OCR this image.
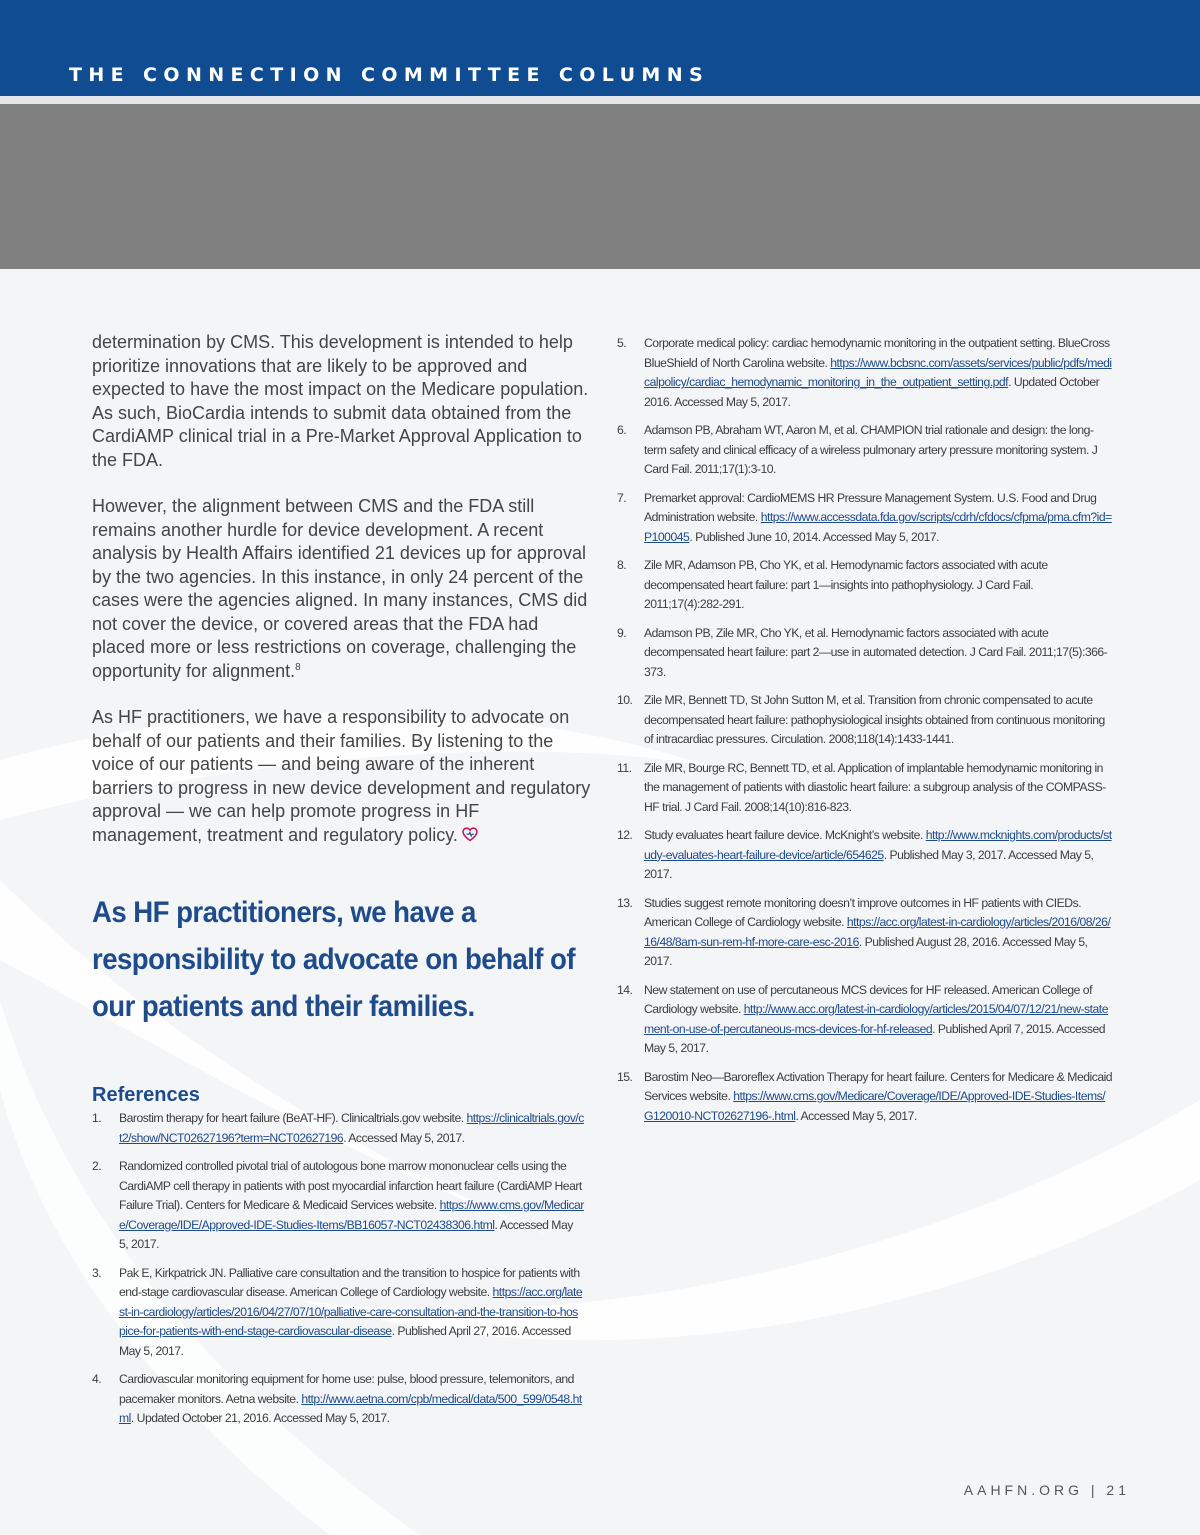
THE CONNECTION COMMITTEE COLUMNS

determination by CMS. This development is intended to help prioritize innovations that are likely to be approved and expected to have the most impact on the Medicare population. As such, BioCardia intends to submit data obtained from the CardiAMP clinical trial in a Pre-Market Approval Application to the FDA.

However, the alignment between CMS and the FDA still remains another hurdle for device development. A recent analysis by Health Affairs identified 21 devices up for approval by the two agencies. In this instance, in only 24 percent of the cases were the agencies aligned. In many instances, CMS did not cover the device, or covered areas that the FDA had placed more or less restrictions on coverage, challenging the opportunity for alignment.$^8$

As HF practitioners, we have a responsibility to advocate on behalf of our patients and their families. By listening to the voice of our patients — and being aware of the inherent barriers to progress in new device development and regulatory approval — we can help promote progress in HF management, treatment and regulatory policy.

As HF practitioners, we have a responsibility to advocate on behalf of our patients and their families.
References
1. Barostim therapy for heart failure (BeAT-HF). Clinicaltrials.gov website. https://clinicaltrials.gov/ct2/show/NCT02627196?term=NCT02627196. Accessed May 5, 2017.
2. Randomized controlled pivotal trial of autologous bone marrow mononuclear cells using the CardiAMP cell therapy in patients with post myocardial infarction heart failure (CardiAMP Heart Failure Trial). Centers for Medicare & Medicaid Services website. https://www.cms.gov/Medicare/Coverage/IDE/Approved-IDE-Studies-Items/BB16057-NCT02438306.html. Accessed May 5, 2017.
3. Pak E, Kirkpatrick JN. Palliative care consultation and the transition to hospice for patients with end-stage cardiovascular disease. American College of Cardiology website. https://acc.org/latest-in-cardiology/articles/2016/04/27/07/10/palliative-care-consultation-and-the-transition-to-hospice-for-patients-with-end-stage-cardiovascular-disease. Published April 27, 2016. Accessed May 5, 2017.
4. Cardiovascular monitoring equipment for home use: pulse, blood pressure, telemonitors, and pacemaker monitors. Aetna website. http://www.aetna.com/cpb/medical/data/500_599/0548.html. Updated October 21, 2016. Accessed May 5, 2017.
5. Corporate medical policy: cardiac hemodynamic monitoring in the outpatient setting. BlueCross BlueShield of North Carolina website. https://www.bcbsnc.com/assets/services/public/pdfs/medicalpolicy/cardiac_hemodynamic_monitoring_in_the_outpatient_setting.pdf. Updated October 2016. Accessed May 5, 2017.
6. Adamson PB, Abraham WT, Aaron M, et al. CHAMPION trial rationale and design: the long-term safety and clinical efficacy of a wireless pulmonary artery pressure monitoring system. J Card Fail. 2011;17(1):3-10.
7. Premarket approval: CardioMEMS HR Pressure Management System. U.S. Food and Drug Administration website. https://www.accessdata.fda.gov/scripts/cdrh/cfdocs/cfpma/pma.cfm?id=P100045. Published June 10, 2014. Accessed May 5, 2017.
8. Zile MR, Adamson PB, Cho YK, et al. Hemodynamic factors associated with acute decompensated heart failure: part 1—insights into pathophysiology. J Card Fail. 2011;17(4):282-291.
9. Adamson PB, Zile MR, Cho YK, et al. Hemodynamic factors associated with acute decompensated heart failure: part 2—use in automated detection. J Card Fail. 2011;17(5):366-373.
10. Zile MR, Bennett TD, St John Sutton M, et al. Transition from chronic compensated to acute decompensated heart failure: pathophysiological insights obtained from continuous monitoring of intracardiac pressures. Circulation. 2008;118(14):1433-1441.
11. Zile MR, Bourge RC, Bennett TD, et al. Application of implantable hemodynamic monitoring in the management of patients with diastolic heart failure: a subgroup analysis of the COMPASS-HF trial. J Card Fail. 2008;14(10):816-823.
12. Study evaluates heart failure device. McKnight’s website. http://www.mcknights.com/products/study-evaluates-heart-failure-device/article/654625. Published May 3, 2017. Accessed May 5, 2017.
13. Studies suggest remote monitoring doesn’t improve outcomes in HF patients with CIEDs. American College of Cardiology website. https://acc.org/latest-in-cardiology/articles/2016/08/26/16/48/8am-sun-rem-hf-more-care-esc-2016. Published August 28, 2016. Accessed May 5, 2017.
14. New statement on use of percutaneous MCS devices for HF released. American College of Cardiology website. http://www.acc.org/latest-in-cardiology/articles/2015/04/07/12/21/new-statement-on-use-of-percutaneous-mcs-devices-for-hf-released. Published April 7, 2015. Accessed May 5, 2017.
15. Barostim Neo—Baroreflex Activation Therapy for heart failure. Centers for Medicare & Medicaid Services website. https://www.cms.gov/Medicare/Coverage/IDE/Approved-IDE-Studies-Items/G120010-NCT02627196-.html. Accessed May 5, 2017.
AAHFN.ORG | 21
